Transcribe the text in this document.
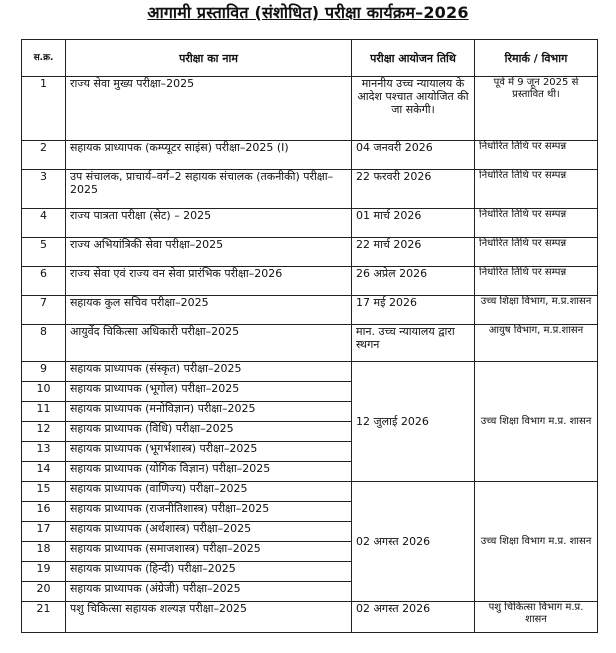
आगामी प्रस्तावित (संशोधित) परीक्षा कार्यक्रम–2026
स.क्र.	परीक्षा का नाम	परीक्षा आयोजन तिथि	रिमार्क / विभाग
1	राज्य सेवा मुख्य परीक्षा–2025	माननीय उच्च न्यायालय के आदेश पश्चात आयोजित की जा सकेगी।	पूर्व में 9 जून 2025 से प्रस्तावित थी।
2	सहायक प्राध्यापक (कम्प्यूटर साइंस) परीक्षा–2025 (I)	04 जनवरी 2026	निर्धारित तिथि पर सम्पन्न
3	उप संचालक, प्राचार्य–वर्ग–2 सहायक संचालक (तकनीकी) परीक्षा–2025	22 फरवरी 2026	निर्धारित तिथि पर सम्पन्न
4	राज्य पात्रता परीक्षा (सेट) – 2025	01 मार्च 2026	निर्धारित तिथि पर सम्पन्न
5	राज्य अभियांत्रिकी सेवा परीक्षा–2025	22 मार्च 2026	निर्धारित तिथि पर सम्पन्न
6	राज्य सेवा एवं राज्य वन सेवा प्रारंभिक परीक्षा–2026	26 अप्रेल 2026	निर्धारित तिथि पर सम्पन्न
7	सहायक कुल सचिव परीक्षा–2025	17 मई 2026	उच्च शिक्षा विभाग, म.प्र.शासन
8	आयुर्वेद चिकित्सा अधिकारी परीक्षा–2025	मान. उच्च न्यायालय द्वारा स्थगन	आयुष विभाग, म.प्र.शासन
9	सहायक प्राध्यापक (संस्कृत) परीक्षा–2025	12 जुलाई 2026	उच्च शिक्षा विभाग म.प्र. शासन
10	सहायक प्राध्यापक (भूगोल) परीक्षा–2025		
11	सहायक प्राध्यापक (मनोविज्ञान) परीक्षा–2025		
12	सहायक प्राध्यापक (विधि) परीक्षा–2025		
13	सहायक प्राध्यापक (भूगर्भशास्त्र) परीक्षा–2025		
14	सहायक प्राध्यापक (योगिक विज्ञान) परीक्षा–2025		
15	सहायक प्राध्यापक (वाणिज्य) परीक्षा–2025	02 अगस्त 2026	उच्च शिक्षा विभाग म.प्र. शासन
16	सहायक प्राध्यापक (राजनीतिशास्त्र) परीक्षा–2025		
17	सहायक प्राध्यापक (अर्थशास्त्र) परीक्षा–2025		
18	सहायक प्राध्यापक (समाजशास्त्र) परीक्षा–2025		
19	सहायक प्राध्यापक (हिन्दी) परीक्षा–2025		
20	सहायक प्राध्यापक (अंग्रेजी) परीक्षा–2025		
21	पशु चिकित्सा सहायक शल्यज्ञ परीक्षा–2025	02 अगस्त 2026	पशु चिकित्सा विभाग म.प्र. शासन
